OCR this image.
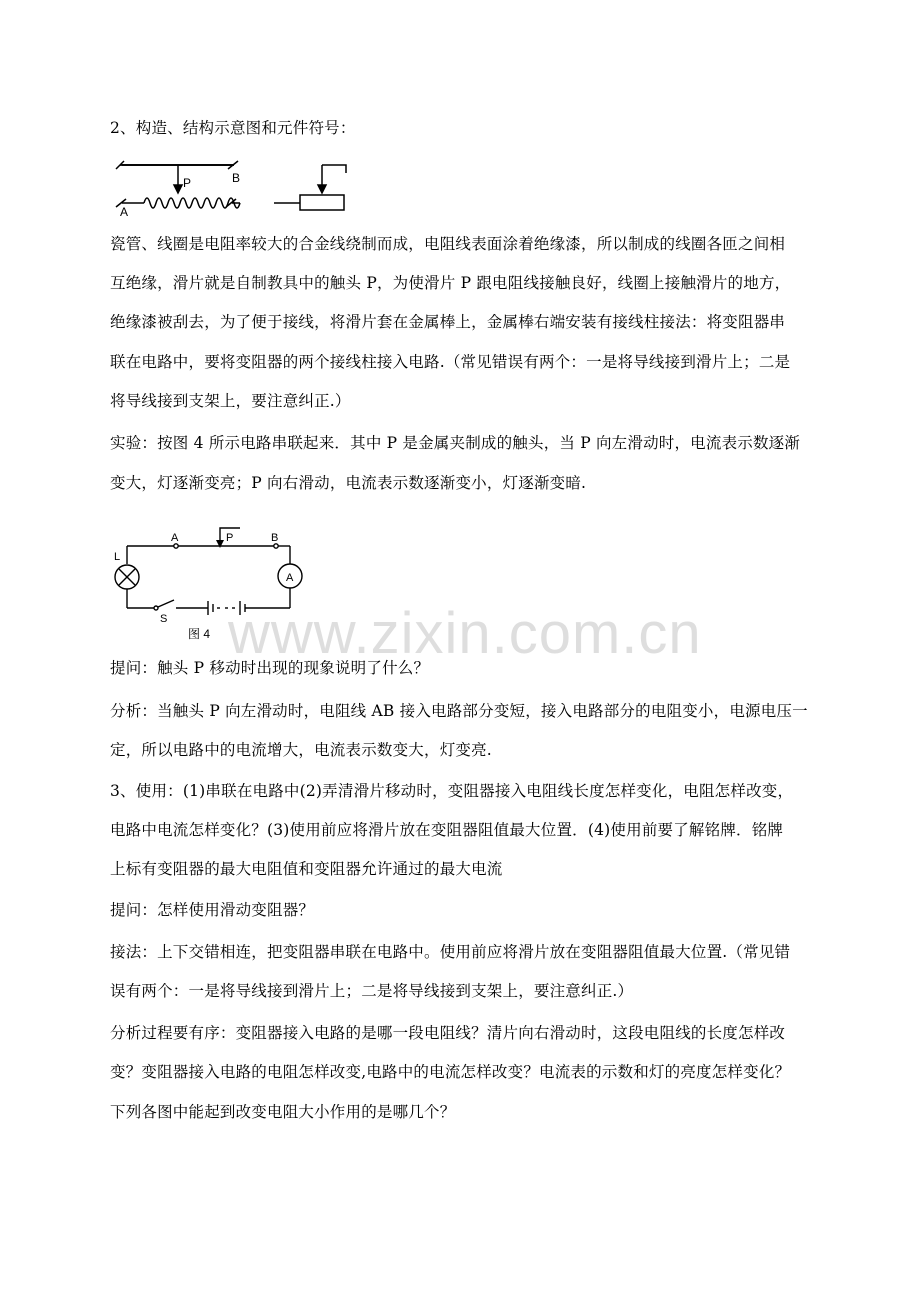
2、构造、结构示意图和元件符号：
P	B
A
瓷管、线圈是电阻率较大的合金线绕制而成，电阻线表面涂着绝缘漆，所以制成的线圈各匝之间相
互绝缘，滑片就是自制教具中的触头 P，为使滑片 P 跟电阻线接触良好，线圈上接触滑片的地方，
绝缘漆被刮去，为了便于接线，将滑片套在金属棒上，金属棒右端安装有接线柱接法：将变阻器串
联在电路中，要将变阻器的两个接线柱接入电路.（常见错误有两个：一是将导线接到滑片上；二是
将导线接到支架上，要注意纠正.）
实验：按图 4 所示电路串联起来．其中 P 是金属夹制成的触头，当 P 向左滑动时，电流表示数逐渐
变大，灯逐渐变亮；P 向右滑动，电流表示数逐渐变小，灯逐渐变暗.
L
A	P	B
A
S
图 4 www.zixin.com.cn
提问：触头 P 移动时出现的现象说明了什么？
分析：当触头 P 向左滑动时，电阻线 AB 接入电路部分变短，接入电路部分的电阻变小，电源电压一
定，所以电路中的电流增大，电流表示数变大，灯变亮.
3、使用：(1)串联在电路中(2)弄清滑片移动时，变阻器接入电阻线长度怎样变化，电阻怎样改变，
电路中电流怎样变化？(3)使用前应将滑片放在变阻器阻值最大位置．(4)使用前要了解铭牌．铭牌
上标有变阻器的最大电阻值和变阻器允许通过的最大电流
提问：怎样使用滑动变阻器？
接法：上下交错相连，把变阻器串联在电路中。使用前应将滑片放在变阻器阻值最大位置.（常见错
误有两个：一是将导线接到滑片上；二是将导线接到支架上，要注意纠正.）
分析过程要有序：变阻器接入电路的是哪一段电阻线？清片向右滑动时，这段电阻线的长度怎样改
变？变阻器接入电路的电阻怎样改变,电路中的电流怎样改变？电流表的示数和灯的亮度怎样变化？
下列各图中能起到改变电阻大小作用的是哪几个？
